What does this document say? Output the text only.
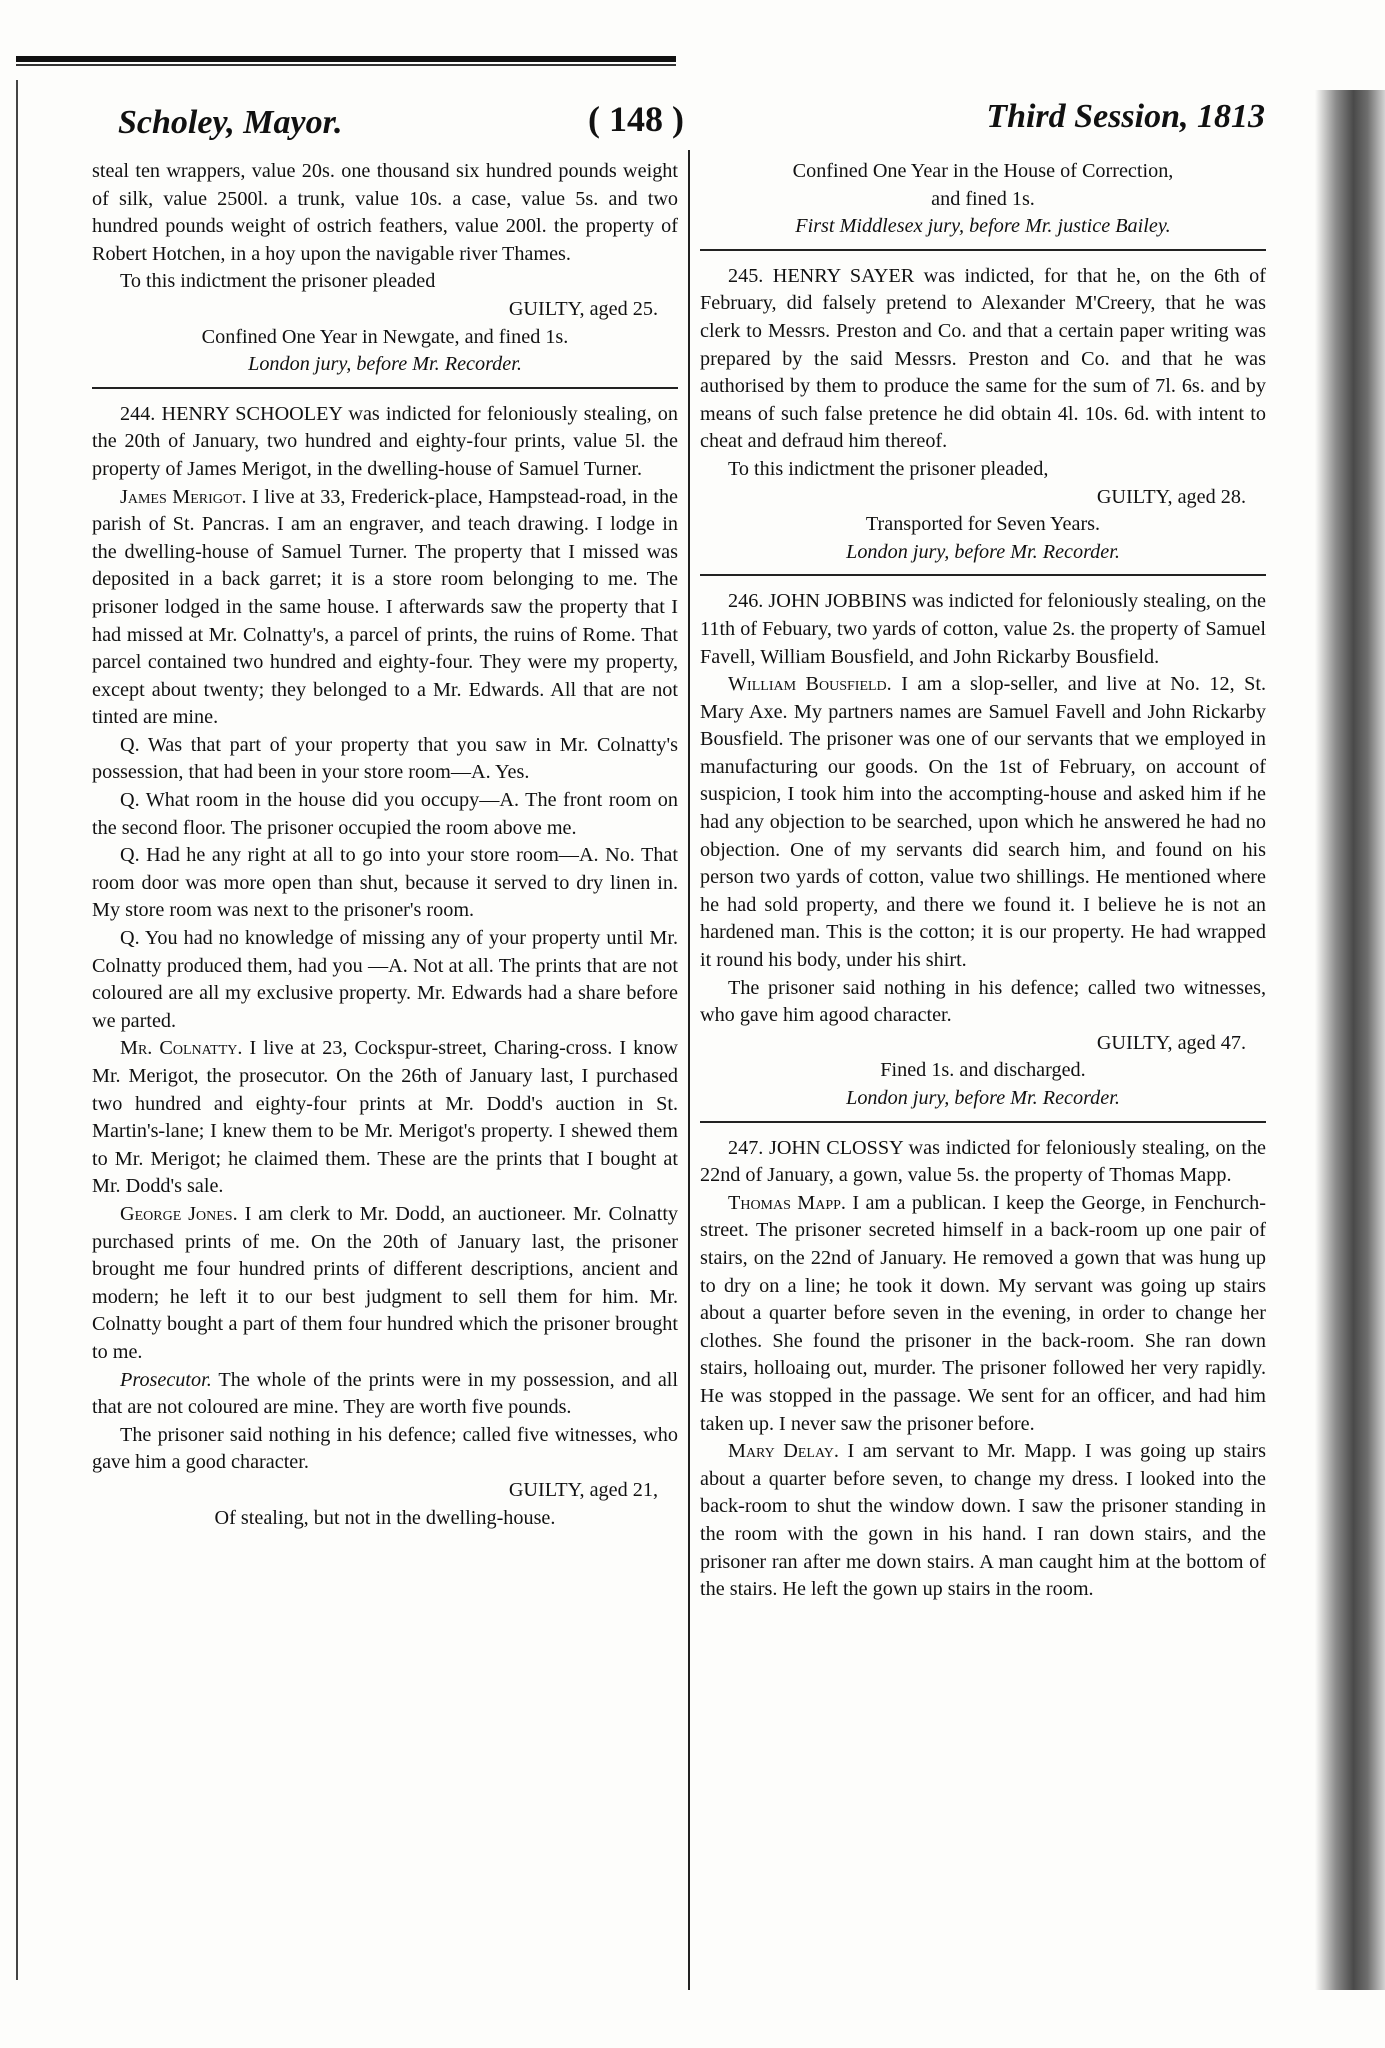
Scholey, Mayor.	( 148 )	Third Session, 1813

steal ten wrappers, value 20s. one thousand six hundred pounds weight of silk, value 2500l. a trunk, value 10s. a case, value 5s. and two hundred pounds weight of ostrich feathers, value 200l. the property of Robert Hotchen, in a hoy upon the navigable river Thames.

To this indictment the prisoner pleaded

GUILTY, aged 25.

Confined One Year in Newgate, and fined 1s.

London jury, before Mr. Recorder.

244. HENRY SCHOOLEY was indicted for feloniously stealing, on the 20th of January, two hundred and eighty-four prints, value 5l. the property of James Merigot, in the dwelling-house of Samuel Turner.

James Merigot. I live at 33, Frederick-place, Hampstead-road, in the parish of St. Pancras. I am an engraver, and teach drawing. I lodge in the dwelling-house of Samuel Turner. The property that I missed was deposited in a back garret; it is a store room belonging to me. The prisoner lodged in the same house. I afterwards saw the property that I had missed at Mr. Colnatty's, a parcel of prints, the ruins of Rome. That parcel contained two hundred and eighty-four. They were my property, except about twenty; they belonged to a Mr. Edwards. All that are not tinted are mine.

Q. Was that part of your property that you saw in Mr. Colnatty's possession, that had been in your store room—A. Yes.

Q. What room in the house did you occupy—A. The front room on the second floor. The prisoner occupied the room above me.

Q. Had he any right at all to go into your store room—A. No. That room door was more open than shut, because it served to dry linen in. My store room was next to the prisoner's room.

Q. You had no knowledge of missing any of your property until Mr. Colnatty produced them, had you —A. Not at all. The prints that are not coloured are all my exclusive property. Mr. Edwards had a share before we parted.

Mr. Colnatty. I live at 23, Cockspur-street, Charing-cross. I know Mr. Merigot, the prosecutor. On the 26th of January last, I purchased two hundred and eighty-four prints at Mr. Dodd's auction in St. Martin's-lane; I knew them to be Mr. Merigot's property. I shewed them to Mr. Merigot; he claimed them. These are the prints that I bought at Mr. Dodd's sale.

George Jones. I am clerk to Mr. Dodd, an auctioneer. Mr. Colnatty purchased prints of me. On the 20th of January last, the prisoner brought me four hundred prints of different descriptions, ancient and modern; he left it to our best judgment to sell them for him. Mr. Colnatty bought a part of them four hundred which the prisoner brought to me.

Prosecutor. The whole of the prints were in my possession, and all that are not coloured are mine. They are worth five pounds.

The prisoner said nothing in his defence; called five witnesses, who gave him a good character.

GUILTY, aged 21,

Of stealing, but not in the dwelling-house.

Confined One Year in the House of Correction,

and fined 1s.

First Middlesex jury, before Mr. justice Bailey.

245. HENRY SAYER was indicted, for that he, on the 6th of February, did falsely pretend to Alexander M'Creery, that he was clerk to Messrs. Preston and Co. and that a certain paper writing was prepared by the said Messrs. Preston and Co. and that he was authorised by them to produce the same for the sum of 7l. 6s. and by means of such false pretence he did obtain 4l. 10s. 6d. with intent to cheat and defraud him thereof.

To this indictment the prisoner pleaded,

GUILTY, aged 28.

Transported for Seven Years.

London jury, before Mr. Recorder.

246. JOHN JOBBINS was indicted for feloniously stealing, on the 11th of Febuary, two yards of cotton, value 2s. the property of Samuel Favell, William Bousfield, and John Rickarby Bousfield.

William Bousfield. I am a slop-seller, and live at No. 12, St. Mary Axe. My partners names are Samuel Favell and John Rickarby Bousfield. The prisoner was one of our servants that we employed in manufacturing our goods. On the 1st of February, on account of suspicion, I took him into the accompting-house and asked him if he had any objection to be searched, upon which he answered he had no objection. One of my servants did search him, and found on his person two yards of cotton, value two shillings. He mentioned where he had sold property, and there we found it. I believe he is not an hardened man. This is the cotton; it is our property. He had wrapped it round his body, under his shirt.

The prisoner said nothing in his defence; called two witnesses, who gave him agood character.

GUILTY, aged 47.

Fined 1s. and discharged.

London jury, before Mr. Recorder.

247. JOHN CLOSSY was indicted for feloniously stealing, on the 22nd of January, a gown, value 5s. the property of Thomas Mapp.

Thomas Mapp. I am a publican. I keep the George, in Fenchurch-street. The prisoner secreted himself in a back-room up one pair of stairs, on the 22nd of January. He removed a gown that was hung up to dry on a line; he took it down. My servant was going up stairs about a quarter before seven in the evening, in order to change her clothes. She found the prisoner in the back-room. She ran down stairs, holloaing out, murder. The prisoner followed her very rapidly. He was stopped in the passage. We sent for an officer, and had him taken up. I never saw the prisoner before.

Mary Delay. I am servant to Mr. Mapp. I was going up stairs about a quarter before seven, to change my dress. I looked into the back-room to shut the window down. I saw the prisoner standing in the room with the gown in his hand. I ran down stairs, and the prisoner ran after me down stairs. A man caught him at the bottom of the stairs. He left the gown up stairs in the room.
